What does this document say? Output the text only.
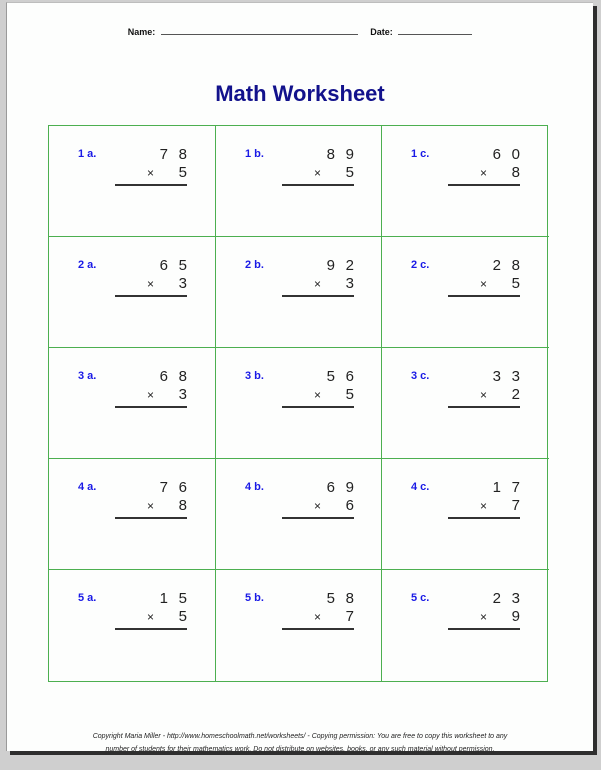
Name:	Date:
Math Worksheet
1 a.	7 8
×	5
1 b.	8 9
×	5
1 c.	6 0
×	8
2 a.	6 5
×	3
2 b.	9 2
×	3
2 c.	2 8
×	5
3 a.	6 8
×	3
3 b.	5 6
×	5
3 c.	3 3
×	2
4 a.	7 6
×	8
4 b.	6 9
×	6
4 c.	1 7
×	7
5 a.	1 5
×	5
5 b.	5 8
×	7
5 c.	2 3
×	9
Copyright Maria Miller - http://www.homeschoolmath.net/worksheets/ - Copying permission: You are free to copy this worksheet to any
number of students for their mathematics work. Do not distribute on websites, books, or any such material without permission.
